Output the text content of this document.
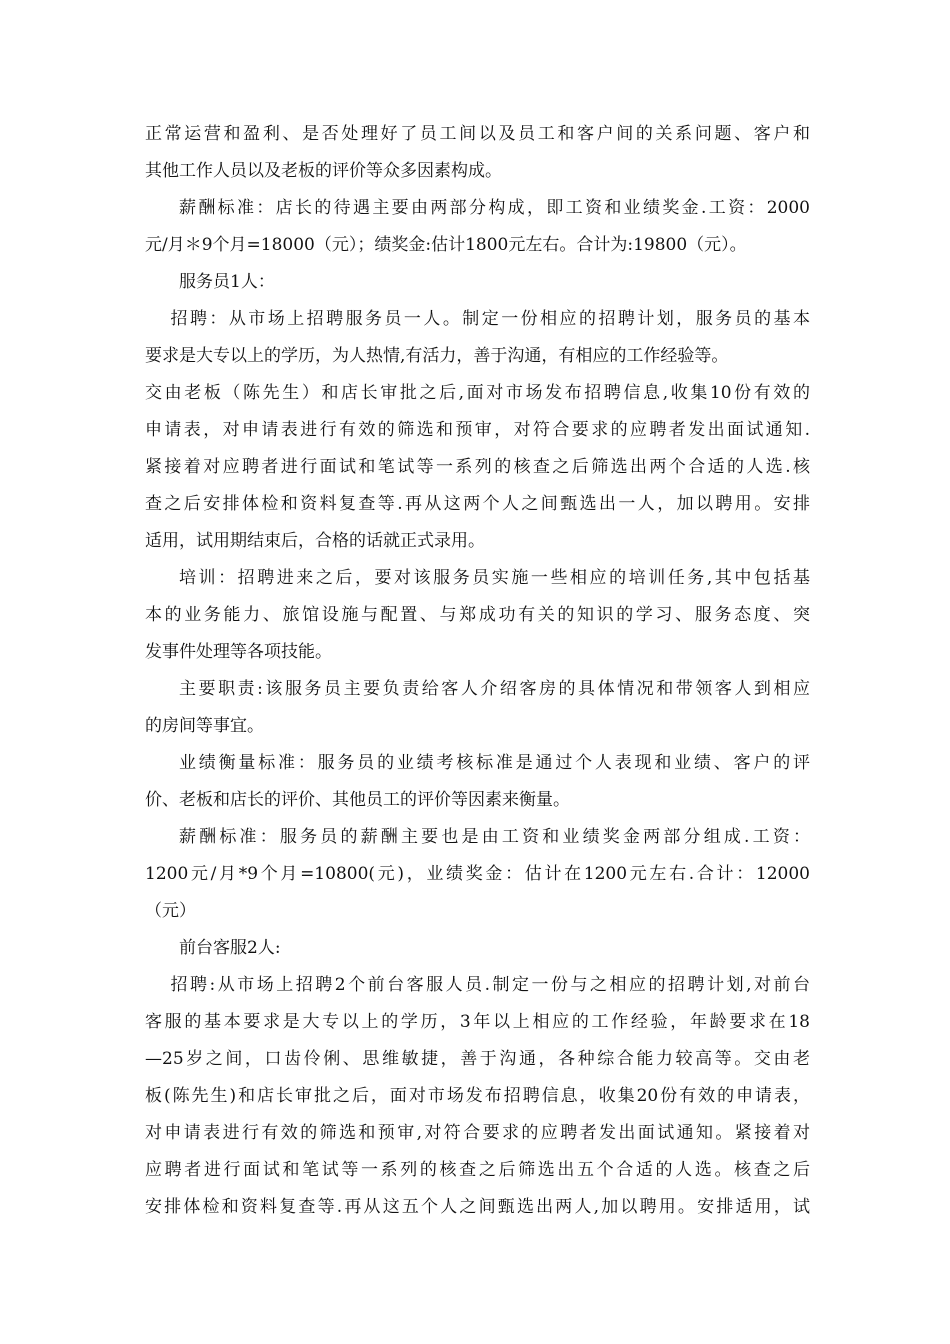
正常运营和盈利、是否处理好了员工间以及员工和客户间的关系问题、客户和
其他工作人员以及老板的评价等众多因素构成。
薪酬标准：店长的待遇主要由两部分构成，即工资和业绩奖金.工资：2000
元/月＊9个月=18000（元）；绩奖金:估计1800元左右。合计为:19800（元）。
服务员1人：
招聘：从市场上招聘服务员一人。制定一份相应的招聘计划，服务员的基本
要求是大专以上的学历，为人热情,有活力，善于沟通，有相应的工作经验等。
交由老板（陈先生）和店长审批之后,面对市场发布招聘信息,收集10份有效的
申请表，对申请表进行有效的筛选和预审，对符合要求的应聘者发出面试通知.
紧接着对应聘者进行面试和笔试等一系列的核查之后筛选出两个合适的人选.核
查之后安排体检和资料复查等.再从这两个人之间甄选出一人，加以聘用。安排
适用，试用期结束后，合格的话就正式录用。
培训：招聘进来之后，要对该服务员实施一些相应的培训任务,其中包括基
本的业务能力、旅馆设施与配置、与郑成功有关的知识的学习、服务态度、突
发事件处理等各项技能。
主要职责:该服务员主要负责给客人介绍客房的具体情况和带领客人到相应
的房间等事宜。
业绩衡量标准：服务员的业绩考核标准是通过个人表现和业绩、客户的评
价、老板和店长的评价、其他员工的评价等因素来衡量。
薪酬标准：服务员的薪酬主要也是由工资和业绩奖金两部分组成.工资：
1200元/月*9个月=10800(元)，业绩奖金：估计在1200元左右.合计：12000
（元）
前台客服2人:
招聘:从市场上招聘2个前台客服人员.制定一份与之相应的招聘计划,对前台
客服的基本要求是大专以上的学历，3年以上相应的工作经验，年龄要求在18
—25岁之间，口齿伶俐、思维敏捷，善于沟通，各种综合能力较高等。交由老
板(陈先生)和店长审批之后，面对市场发布招聘信息，收集20份有效的申请表，
对申请表进行有效的筛选和预审,对符合要求的应聘者发出面试通知。紧接着对
应聘者进行面试和笔试等一系列的核查之后筛选出五个合适的人选。核查之后
安排体检和资料复查等.再从这五个人之间甄选出两人,加以聘用。安排适用，试
